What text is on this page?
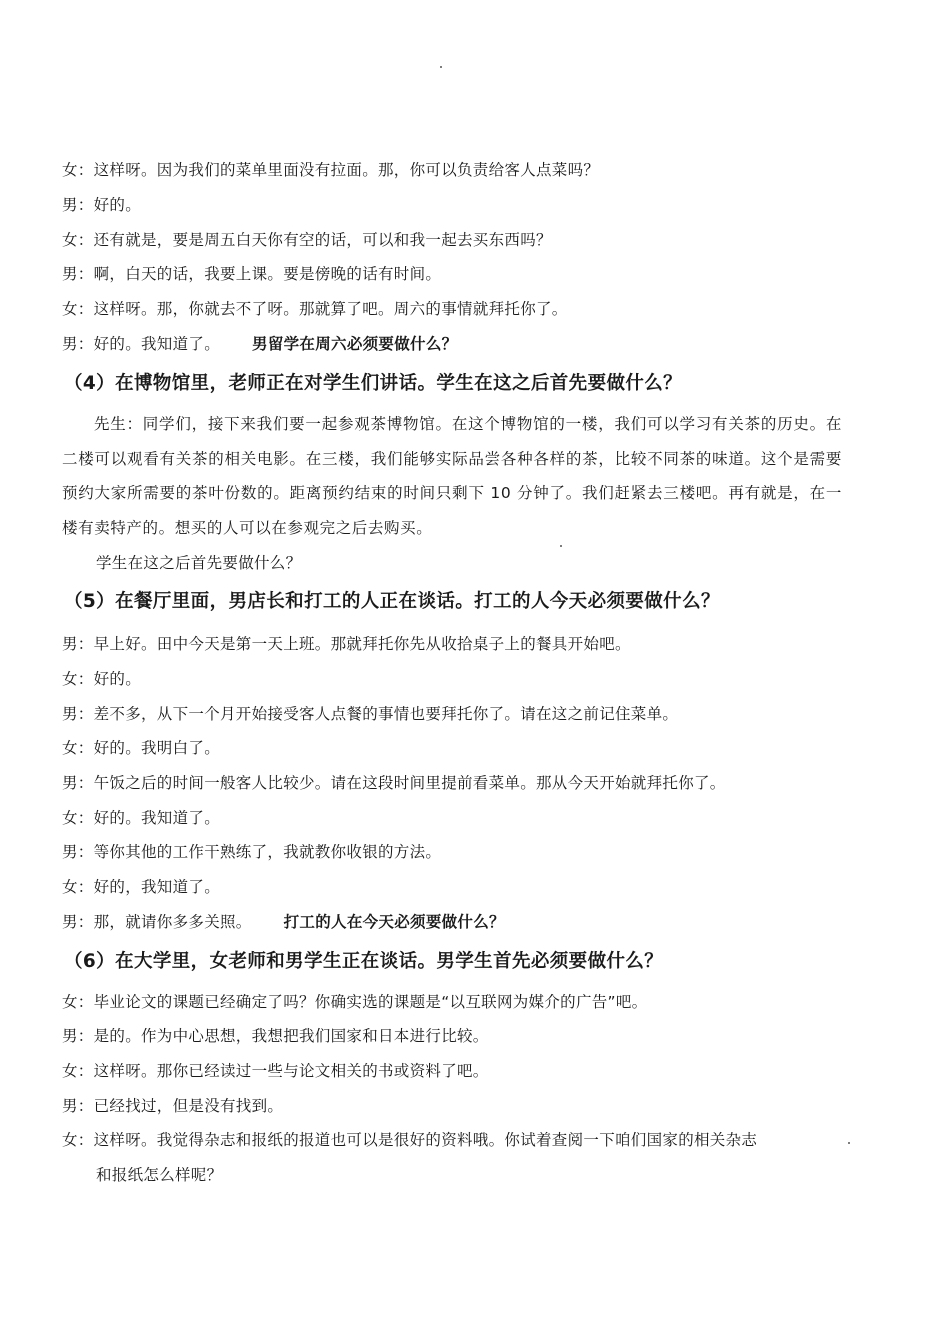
女：这样呀。因为我们的菜单里面没有拉面。那，你可以负责给客人点菜吗？
男：好的。
女：还有就是，要是周五白天你有空的话，可以和我一起去买东西吗？
男：啊，白天的话，我要上课。要是傍晚的话有时间。
女：这样呀。那，你就去不了呀。那就算了吧。周六的事情就拜托你了。
男：好的。我知道了。 男留学在周六必须要做什么？
（4）在博物馆里，老师正在对学生们讲话。学生在这之后首先要做什么？
先生：同学们，接下来我们要一起参观茶博物馆。在这个博物馆的一楼，我们可以学习有关茶的历史。在二楼可以观看有关茶的相关电影。在三楼，我们能够实际品尝各种各样的茶，比较不同茶的味道。这个是需要预约大家所需要的茶叶份数的。距离预约结束的时间只剩下 10 分钟了。我们赶紧去三楼吧。再有就是，在一楼有卖特产的。想买的人可以在参观完之后去购买。
学生在这之后首先要做什么？
（5）在餐厅里面，男店长和打工的人正在谈话。打工的人今天必须要做什么？
男：早上好。田中今天是第一天上班。那就拜托你先从收拾桌子上的餐具开始吧。
女：好的。
男：差不多，从下一个月开始接受客人点餐的事情也要拜托你了。请在这之前记住菜单。
女：好的。我明白了。
男：午饭之后的时间一般客人比较少。请在这段时间里提前看菜单。那从今天开始就拜托你了。
女：好的。我知道了。
男：等你其他的工作干熟练了，我就教你收银的方法。
女：好的，我知道了。
男：那，就请你多多关照。 打工的人在今天必须要做什么？
（6）在大学里，女老师和男学生正在谈话。男学生首先必须要做什么？
女：毕业论文的课题已经确定了吗？你确实选的课题是“以互联网为媒介的广告”吧。
男：是的。作为中心思想，我想把我们国家和日本进行比较。
女：这样呀。那你已经读过一些与论文相关的书或资料了吧。
男：已经找过，但是没有找到。
女：这样呀。我觉得杂志和报纸的报道也可以是很好的资料哦。你试着查阅一下咱们国家的相关杂志
和报纸怎么样呢？
